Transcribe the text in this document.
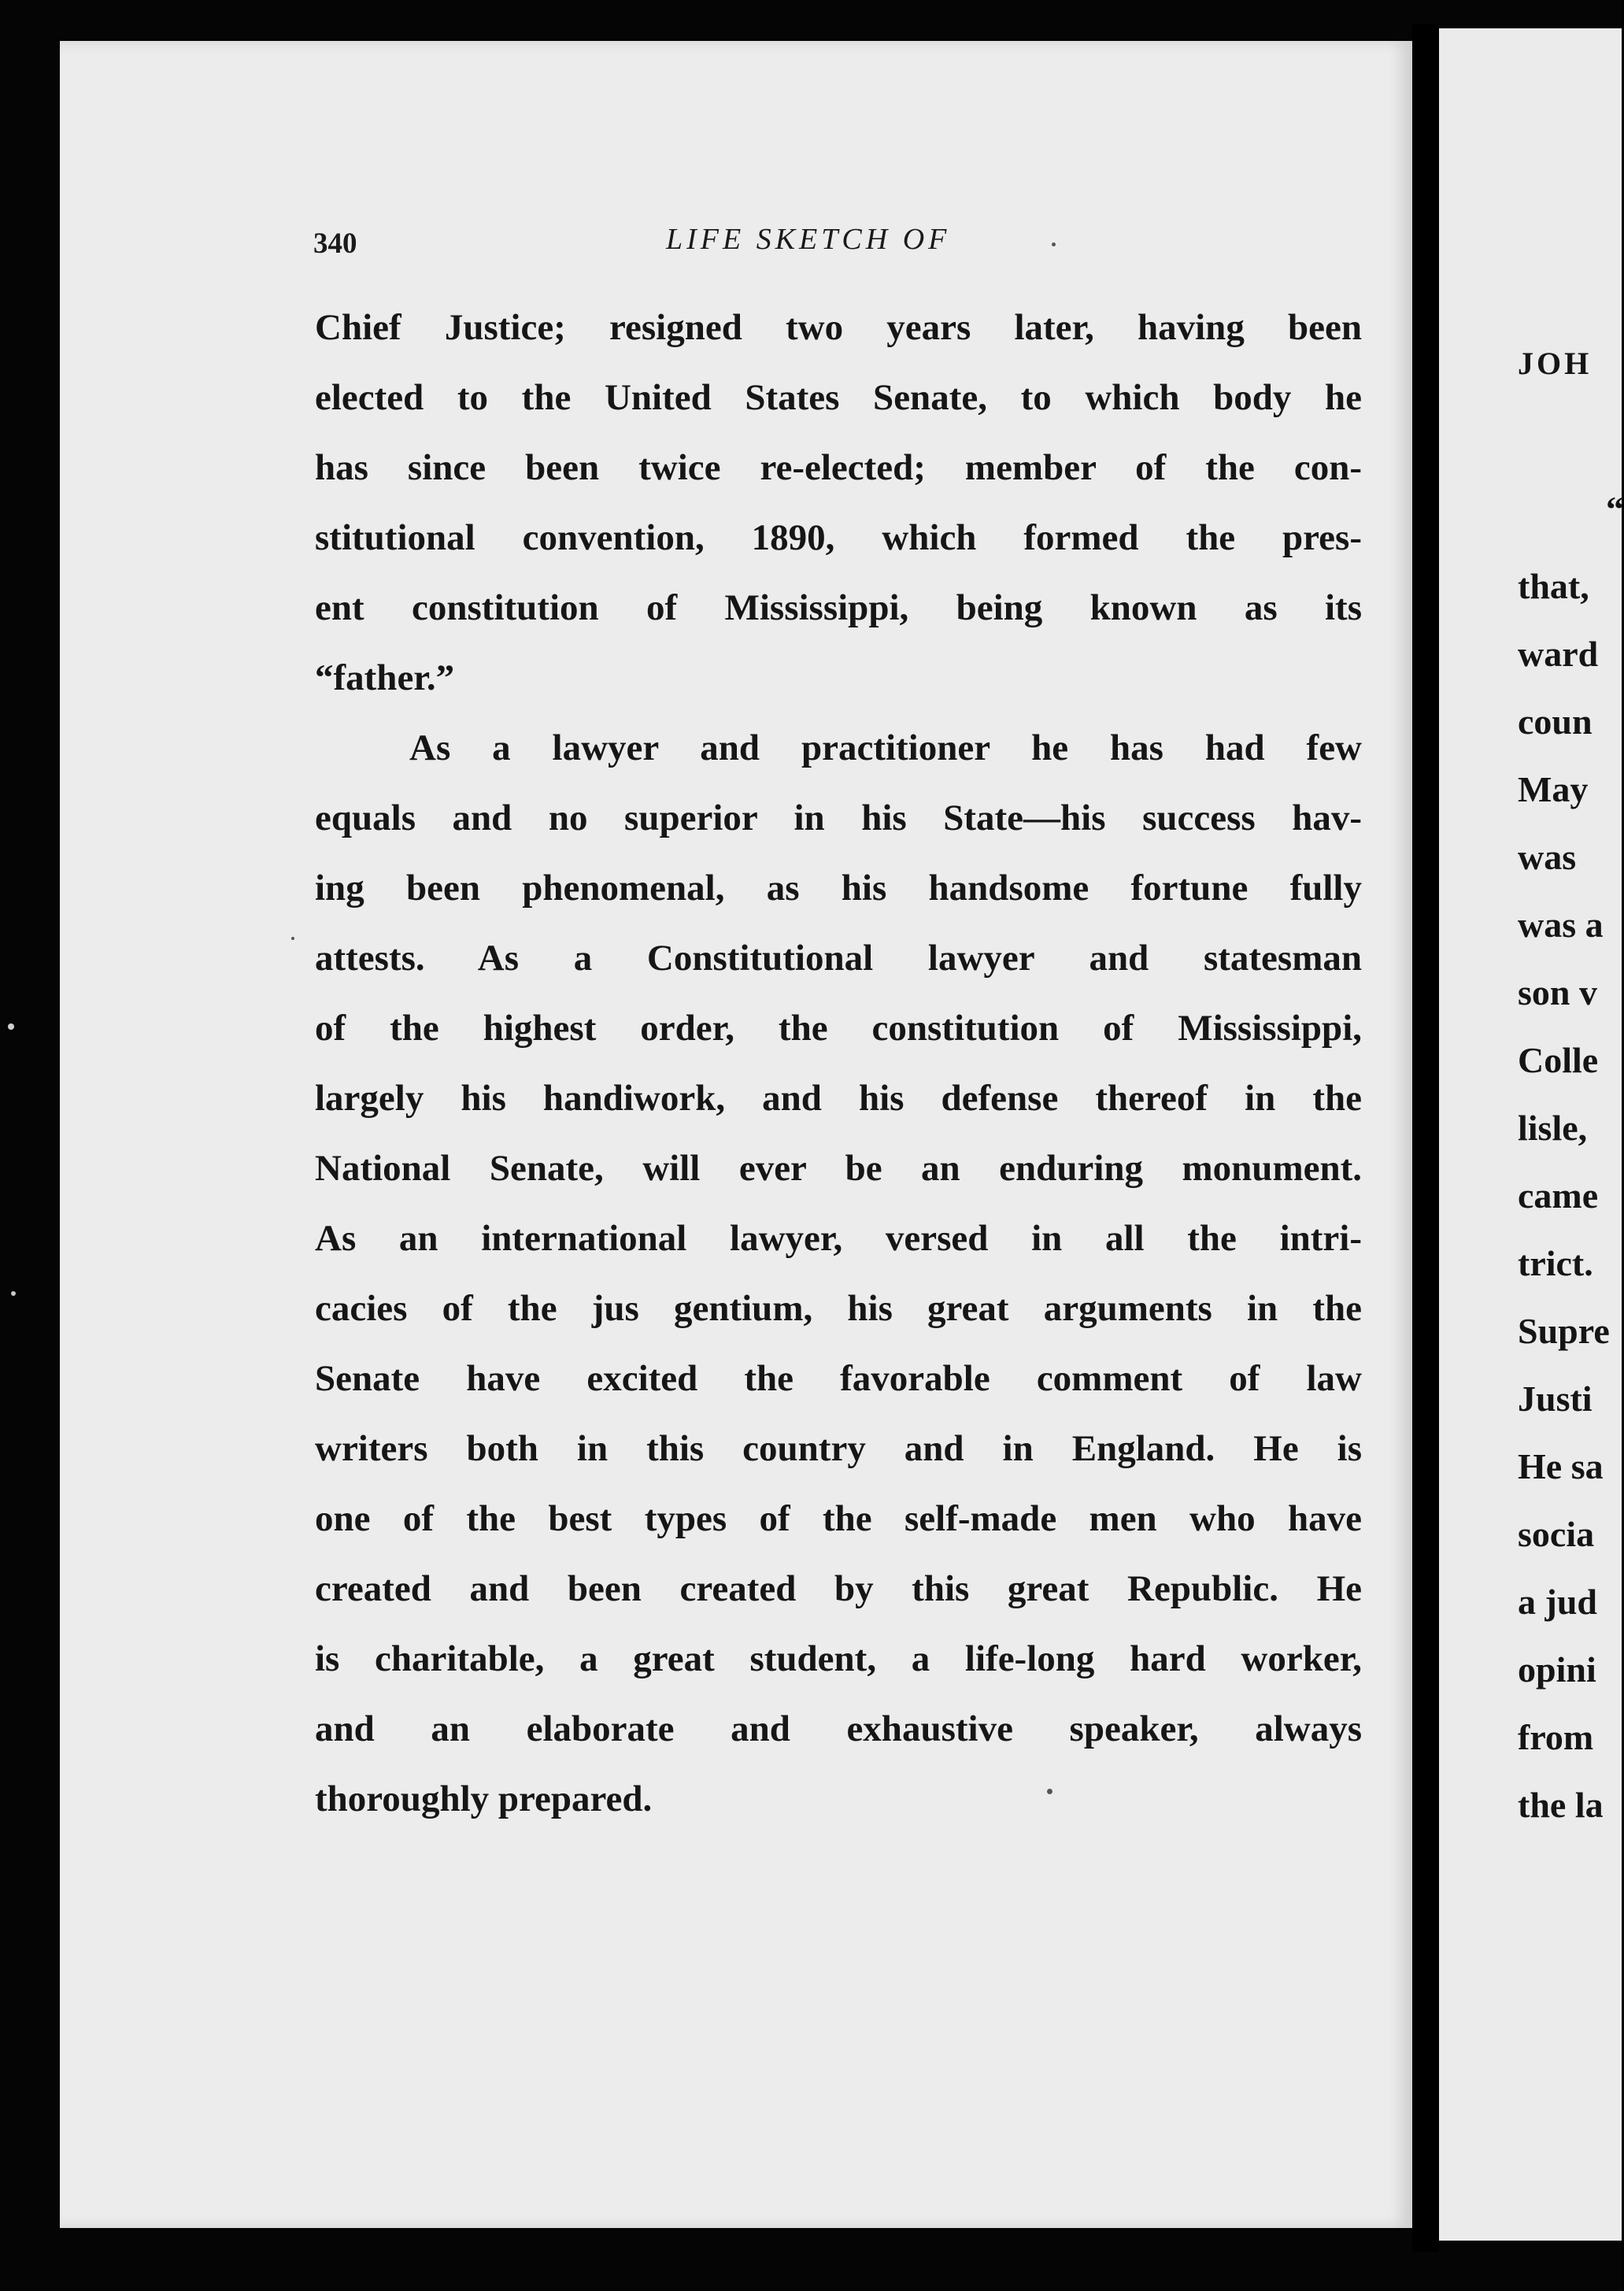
340	LIFE SKETCH OF
Chief Justice; resigned two years later, having been
elected to the United States Senate, to which body he
has since been twice re-elected; member of the con-
stitutional convention, 1890, which formed the pres-
ent constitution of Mississippi, being known as its
“father.”
As a lawyer and practitioner he has had few
equals and no superior in his State—his success hav-
ing been phenomenal, as his handsome fortune fully
attests. As a Constitutional lawyer and statesman
of the highest order, the constitution of Mississippi,
largely his handiwork, and his defense thereof in the
National Senate, will ever be an enduring monument.
As an international lawyer, versed in all the intri-
cacies of the jus gentium, his great arguments in the
Senate have excited the favorable comment of law
writers both in this country and in England. He is
one of the best types of the self-made men who have
created and been created by this great Republic. He
is charitable, a great student, a life-long hard worker,
and an elaborate and exhaustive speaker, always
thoroughly prepared.
JOH
“
that,
ward
coun
May
was
was a
son v
Colle
lisle,
came
trict.
Supre
Justi
He sa
socia
a jud
opini
from
the la
